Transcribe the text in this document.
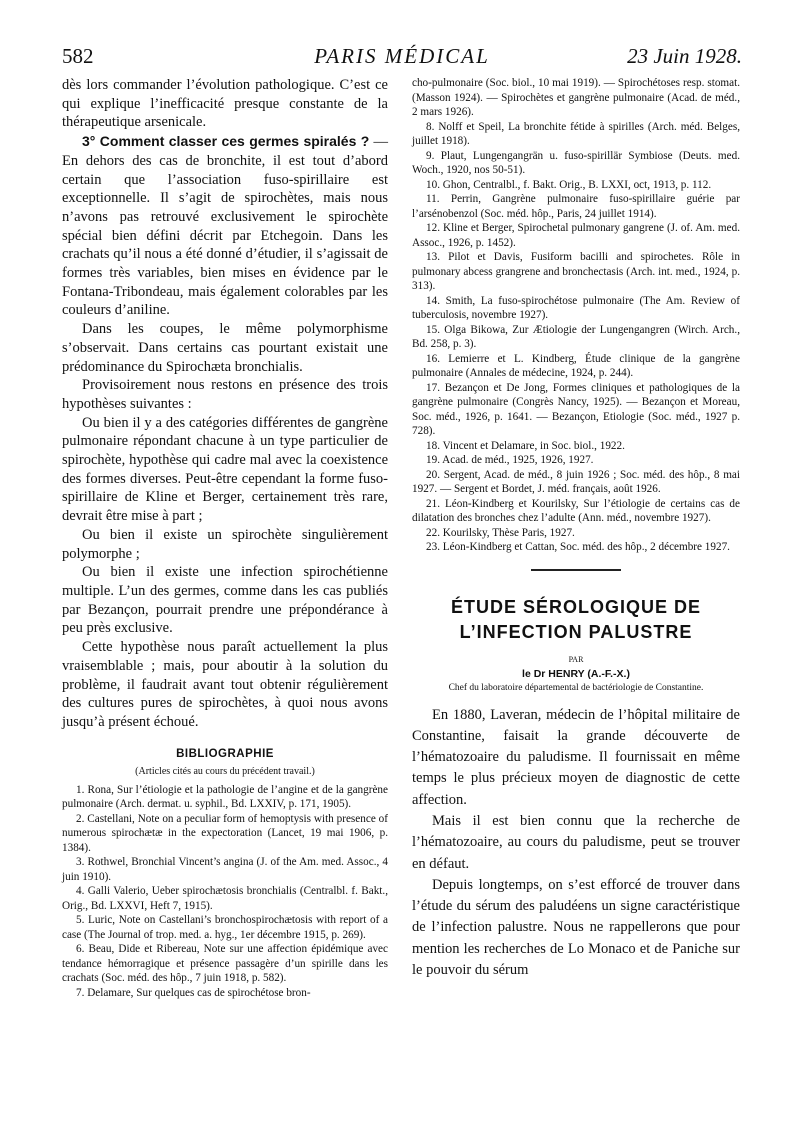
582	PARIS MÉDICAL	23 Juin 1928.

dès lors commander l’évolution pathologique. C’est ce qui explique l’inefficacité presque constante de la thérapeutique arsenicale.

3° Comment classer ces germes spiralés ? — En dehors des cas de bronchite, il est tout d’abord certain que l’association fuso-spirillaire est exceptionnelle. Il s’agit de spirochètes, mais nous n’avons pas retrouvé exclusivement le spirochète spécial bien défini décrit par Etchegoin. Dans les crachats qu’il nous a été donné d’étudier, il s’agissait de formes très variables, bien mises en évidence par le Fontana-Tribondeau, mais également colorables par les couleurs d’aniline.

Dans les coupes, le même polymorphisme s’observait. Dans certains cas pourtant existait une prédominance du Spirochæta bronchialis.

Provisoirement nous restons en présence des trois hypothèses suivantes :

Ou bien il y a des catégories différentes de gangrène pulmonaire répondant chacune à un type particulier de spirochète, hypothèse qui cadre mal avec la coexistence des formes diverses. Peut-être cependant la forme fuso-spirillaire de Kline et Berger, certainement très rare, devrait être mise à part ;

Ou bien il existe un spirochète singulièrement polymorphe ;

Ou bien il existe une infection spirochétienne multiple. L’un des germes, comme dans les cas publiés par Bezançon, pourrait prendre une prépondérance à peu près exclusive.

Cette hypothèse nous paraît actuellement la plus vraisemblable ; mais, pour aboutir à la solution du problème, il faudrait avant tout obtenir régulièrement des cultures pures de spirochètes, à quoi nous avons jusqu’à présent échoué.

BIBLIOGRAPHIE
(Articles cités au cours du précédent travail.)

1. Rona, Sur l’étiologie et la pathologie de l’angine et de la gangrène pulmonaire (Arch. dermat. u. syphil., Bd. LXXIV, p. 171, 1905).

2. Castellani, Note on a peculiar form of hemoptysis with presence of numerous spirochætæ in the expectoration (Lancet, 19 mai 1906, p. 1384).

3. Rothwel, Bronchial Vincent’s angina (J. of the Am. med. Assoc., 4 juin 1910).

4. Galli Valerio, Ueber spirochætosis bronchialis (Centralbl. f. Bakt., Orig., Bd. LXXVI, Heft 7, 1915).

5. Luric, Note on Castellani’s bronchospirochætosis with report of a case (The Journal of trop. med. a. hyg., 1er décembre 1915, p. 269).

6. Beau, Dide et Ribereau, Note sur une affection épidémique avec tendance hémorragique et présence passagère d’un spirille dans les crachats (Soc. méd. des hôp., 7 juin 1918, p. 582).

7. Delamare, Sur quelques cas de spirochétose bron-

cho-pulmonaire (Soc. biol., 10 mai 1919). — Spirochétoses resp. stomat. (Masson 1924). — Spirochètes et gangrène pulmonaire (Acad. de méd., 2 mars 1926).

8. Nolff et Speil, La bronchite fétide à spirilles (Arch. méd. Belges, juillet 1918).

9. Plaut, Lungengangrän u. fuso-spirillär Symbiose (Deuts. med. Woch., 1920, nos 50-51).

10. Ghon, Centralbl., f. Bakt. Orig., B. LXXI, oct, 1913, p. 112.

11. Perrin, Gangrène pulmonaire fuso-spirillaire guérie par l’arsénobenzol (Soc. méd. hôp., Paris, 24 juillet 1914).

12. Kline et Berger, Spirochetal pulmonary gangrene (J. of. Am. med. Assoc., 1926, p. 1452).

13. Pilot et Davis, Fusiform bacilli and spirochetes. Rôle in pulmonary abcess grangrene and bronchectasis (Arch. int. med., 1924, p. 313).

14. Smith, La fuso-spirochétose pulmonaire (The Am. Review of tuberculosis, novembre 1927).

15. Olga Bikowa, Zur Ætiologie der Lungengangren (Wirch. Arch., Bd. 258, p. 3).

16. Lemierre et L. Kindberg, Étude clinique de la gangrène pulmonaire (Annales de médecine, 1924, p. 244).

17. Bezançon et De Jong, Formes cliniques et pathologiques de la gangrène pulmonaire (Congrès Nancy, 1925). — Bezançon et Moreau, Soc. méd., 1926, p. 1641. — Bezançon, Etiologie (Soc. méd., 1927 p. 728).

18. Vincent et Delamare, in Soc. biol., 1922.

19. Acad. de méd., 1925, 1926, 1927.

20. Sergent, Acad. de méd., 8 juin 1926 ; Soc. méd. des hôp., 8 mai 1927. — Sergent et Bordet, J. méd. français, août 1926.

21. Léon-Kindberg et Kourilsky, Sur l’étiologie de certains cas de dilatation des bronches chez l’adulte (Ann. méd., novembre 1927).

22. Kourilsky, Thèse Paris, 1927.

23. Léon-Kindberg et Cattan, Soc. méd. des hôp., 2 décembre 1927.

ÉTUDE SÉROLOGIQUE DE
L’INFECTION PALUSTRE
PAR
le Dr HENRY (A.-F.-X.)
Chef du laboratoire départemental de bactériologie de Constantine.

En 1880, Laveran, médecin de l’hôpital militaire de Constantine, faisait la grande découverte de l’hématozoaire du paludisme. Il fournissait en même temps le plus précieux moyen de diagnostic de cette affection.

Mais il est bien connu que la recherche de l’hématozoaire, au cours du paludisme, peut se trouver en défaut.

Depuis longtemps, on s’est efforcé de trouver dans l’étude du sérum des paludéens un signe caractéristique de l’infection palustre. Nous ne rappellerons que pour mention les recherches de Lo Monaco et de Paniche sur le pouvoir du sérum
